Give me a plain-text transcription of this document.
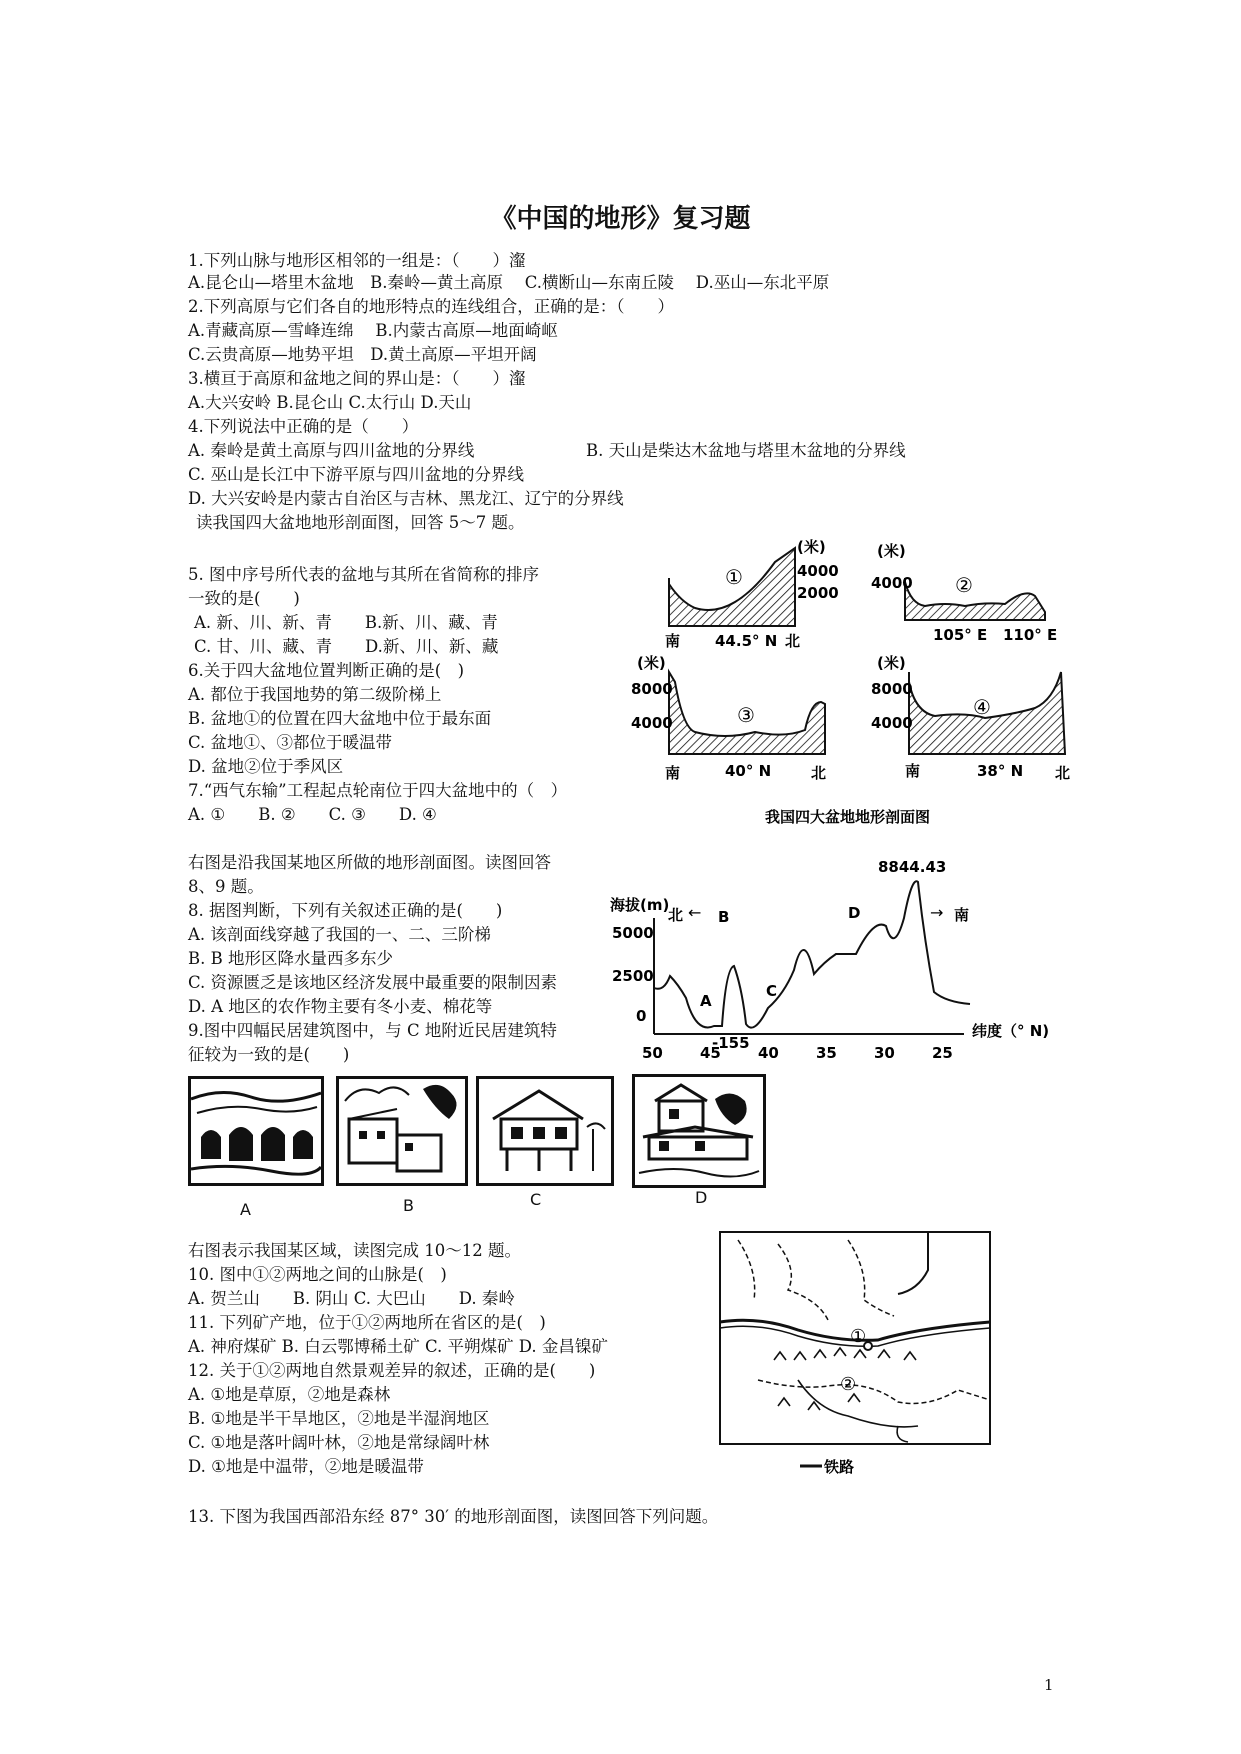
《中国的地形》复习题
1.下列山脉与地形区相邻的一组是：（　　）瀣
A.昆仑山—塔里木盆地　B.秦岭—黄土高原　 C.横断山—东南丘陵　 D.巫山—东北平原
2.下列高原与它们各自的地形特点的连线组合，正确的是：（　　）
A.青藏高原—雪峰连绵　 B.内蒙古高原—地面崎岖
C.云贵高原—地势平坦　D.黄土高原—平坦开阔
3.横亘于高原和盆地之间的界山是：（　　）瀣
A.大兴安岭 B.昆仑山 C.太行山 D.天山
4.下列说法中正确的是（　　）
A. 秦岭是黄土高原与四川盆地的分界线	B. 天山是柴达木盆地与塔里木盆地的分界线
C. 巫山是长江中下游平原与四川盆地的分界线
D. 大兴安岭是内蒙古自治区与吉林、黑龙江、辽宁的分界线
读我国四大盆地地形剖面图，回答 5～7 题。
5. 图中序号所代表的盆地与其所在省简称的排序
一致的是(　　)
A. 新、川、新、青　　B.新、川、藏、青
C. 甘、川、藏、青　　D.新、川、新、藏
6.关于四大盆地位置判断正确的是(　)
A. 都位于我国地势的第二级阶梯上
B. 盆地①的位置在四大盆地中位于最东面
C. 盆地①、③都位于暖温带
D. 盆地②位于季风区
7.“西气东输”工程起点轮南位于四大盆地中的（　）
A. ①　　B. ②　　C. ③　　D. ④
右图是沿我国某地区所做的地形剖面图。读图回答
8、9 题。
8. 据图判断，下列有关叙述正确的是(　　)
A. 该剖面线穿越了我国的一、二、三阶梯
B. B 地形区降水量西多东少
C. 资源匮乏是该地区经济发展中最重要的限制因素
D. A 地区的农作物主要有冬小麦、棉花等
9.图中四幅民居建筑图中，与 C 地附近民居建筑特
征较为一致的是(　　)
A	B	C	D
右图表示我国某区域，读图完成 10～12 题。
10. 图中①②两地之间的山脉是(　)
A. 贺兰山　　B. 阴山 C. 大巴山　　D. 秦岭
11. 下列矿产地，位于①②两地所在省区的是(　)
A. 神府煤矿 B. 白云鄂博稀土矿 C. 平朔煤矿 D. 金昌镍矿
12. 关于①②两地自然景观差异的叙述，正确的是(　　)
A. ①地是草原，②地是森林
B. ①地是半干旱地区，②地是半湿润地区
C. ①地是落叶阔叶林，②地是常绿阔叶林
D. ①地是中温带，②地是暖温带
13. 下图为我国西部沿东经 87° 30′ 的地形剖面图，读图回答下列问题。
①
(米)
4000
2000
南 44.5° N 北
(米)
4000 ②
105° E 110° E
(米)
8000
4000	③
南	40° N	北
(米)
8000
4000
④
南	38° N 北
我国四大盆地地形剖面图
海拔(m)
8844.43
5000
2500
0
北 ← B
A
C
D
-155
→ 南
50 45 40 35 30 25
纬度（° N)
①
②
铁路
1
